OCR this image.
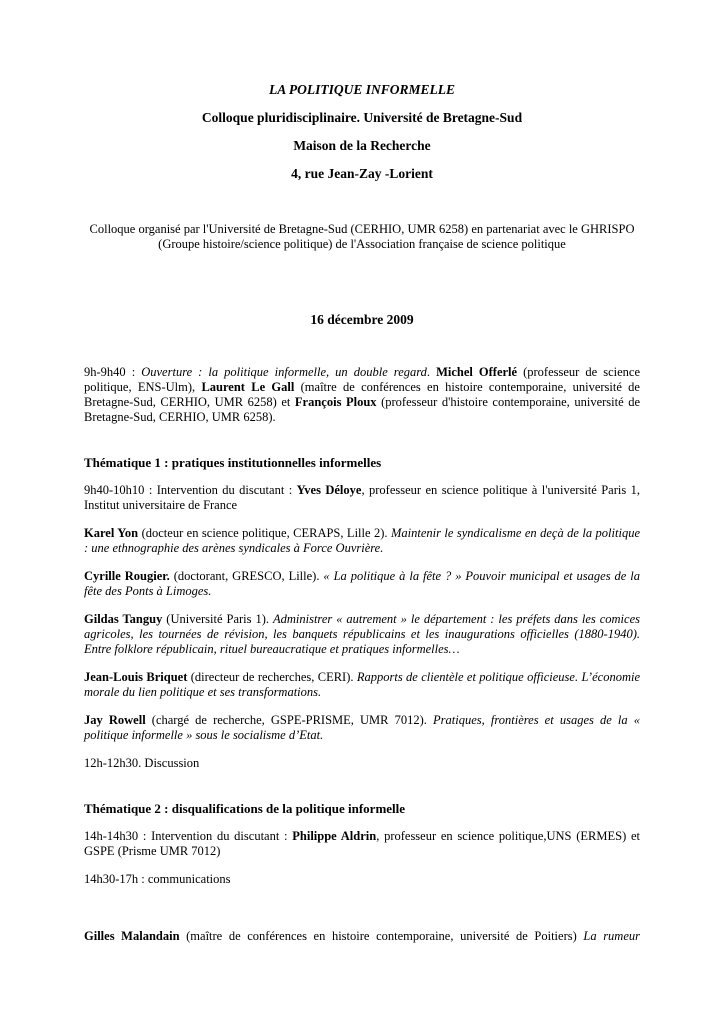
LA POLITIQUE INFORMELLE

Colloque pluridisciplinaire. Université de Bretagne-Sud

Maison de la Recherche

4, rue Jean-Zay -Lorient

Colloque organisé par l'Université de Bretagne-Sud (CERHIO, UMR 6258) en partenariat avec le GHRISPO (Groupe histoire/science politique) de l'Association française de science politique

16 décembre 2009

9h-9h40 : Ouverture : la politique informelle, un double regard. Michel Offerlé (professeur de science politique, ENS-Ulm), Laurent Le Gall (maître de conférences en histoire contemporaine, université de Bretagne-Sud, CERHIO, UMR 6258) et François Ploux (professeur d'histoire contemporaine, université de Bretagne-Sud, CERHIO, UMR 6258).

Thématique 1 : pratiques institutionnelles informelles

9h40-10h10 : Intervention du discutant : Yves Déloye, professeur en science politique à l'université Paris 1, Institut universitaire de France

Karel Yon (docteur en science politique, CERAPS, Lille 2). Maintenir le syndicalisme en deçà de la politique : une ethnographie des arènes syndicales à Force Ouvrière.

Cyrille Rougier. (doctorant, GRESCO, Lille). « La politique à la fête ? » Pouvoir municipal et usages de la fête des Ponts à Limoges.

Gildas Tanguy (Université Paris 1). Administrer « autrement » le département : les préfets dans les comices agricoles, les tournées de révision, les banquets républicains et les inaugurations officielles (1880-1940). Entre folklore républicain, rituel bureaucratique et pratiques informelles…

Jean-Louis Briquet (directeur de recherches, CERI). Rapports de clientèle et politique officieuse. L’économie morale du lien politique et ses transformations.

Jay Rowell (chargé de recherche, GSPE-PRISME, UMR 7012). Pratiques, frontières et usages de la « politique informelle » sous le socialisme d’Etat.

12h-12h30. Discussion

Thématique 2 : disqualifications de la politique informelle

14h-14h30 : Intervention du discutant : Philippe Aldrin, professeur en science politique,UNS (ERMES) et GSPE (Prisme UMR 7012)

14h30-17h : communications

Gilles Malandain (maître de conférences en histoire contemporaine, université de Poitiers) La rumeur
